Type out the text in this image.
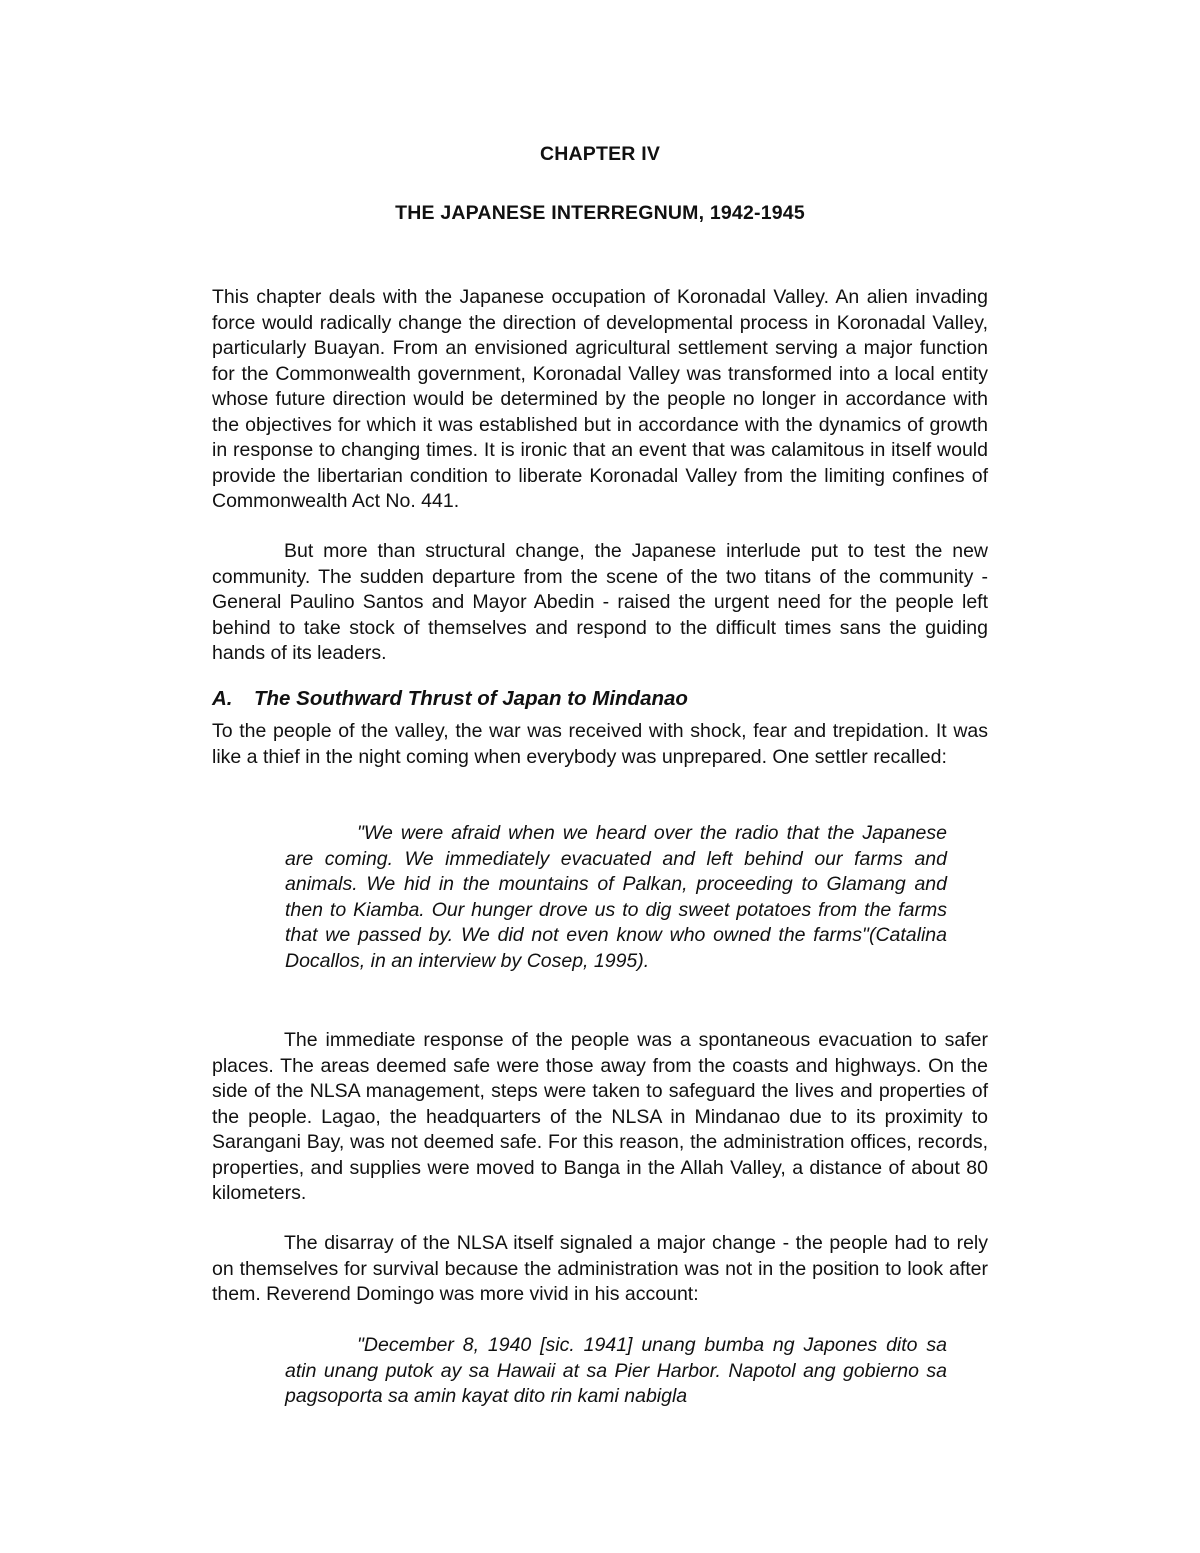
CHAPTER IV
THE JAPANESE INTERREGNUM, 1942-1945

This chapter deals with the Japanese occupation of Koronadal Valley. An alien invading force would radically change the direction of developmental process in Koronadal Valley, particularly Buayan. From an envisioned agricultural settlement serving a major function for the Commonwealth government, Koronadal Valley was transformed into a local entity whose future direction would be determined by the people no longer in accordance with the objectives for which it was established but in accordance with the dynamics of growth in response to changing times. It is ironic that an event that was calamitous in itself would provide the libertarian condition to liberate Koronadal Valley from the limiting confines of Commonwealth Act No. 441.

But more than structural change, the Japanese interlude put to test the new community. The sudden departure from the scene of the two titans of the community - General Paulino Santos and Mayor Abedin - raised the urgent need for the people left behind to take stock of themselves and respond to the difficult times sans the guiding hands of its leaders.

A. The Southward Thrust of Japan to Mindanao

To the people of the valley, the war was received with shock, fear and trepidation. It was like a thief in the night coming when everybody was unprepared. One settler recalled:

"We were afraid when we heard over the radio that the Japanese are coming. We immediately evacuated and left behind our farms and animals. We hid in the mountains of Palkan, proceeding to Glamang and then to Kiamba. Our hunger drove us to dig sweet potatoes from the farms that we passed by. We did not even know who owned the farms"(Catalina Docallos, in an interview by Cosep, 1995).

The immediate response of the people was a spontaneous evacuation to safer places. The areas deemed safe were those away from the coasts and highways. On the side of the NLSA management, steps were taken to safeguard the lives and properties of the people. Lagao, the headquarters of the NLSA in Mindanao due to its proximity to Sarangani Bay, was not deemed safe. For this reason, the administration offices, records, properties, and supplies were moved to Banga in the Allah Valley, a distance of about 80 kilometers.

The disarray of the NLSA itself signaled a major change - the people had to rely on themselves for survival because the administration was not in the position to look after them. Reverend Domingo was more vivid in his account:

"December 8, 1940 [sic. 1941] unang bumba ng Japones dito sa atin unang putok ay sa Hawaii at sa Pier Harbor. Napotol ang gobierno sa pagsoporta sa amin kayat dito rin kami nabigla
